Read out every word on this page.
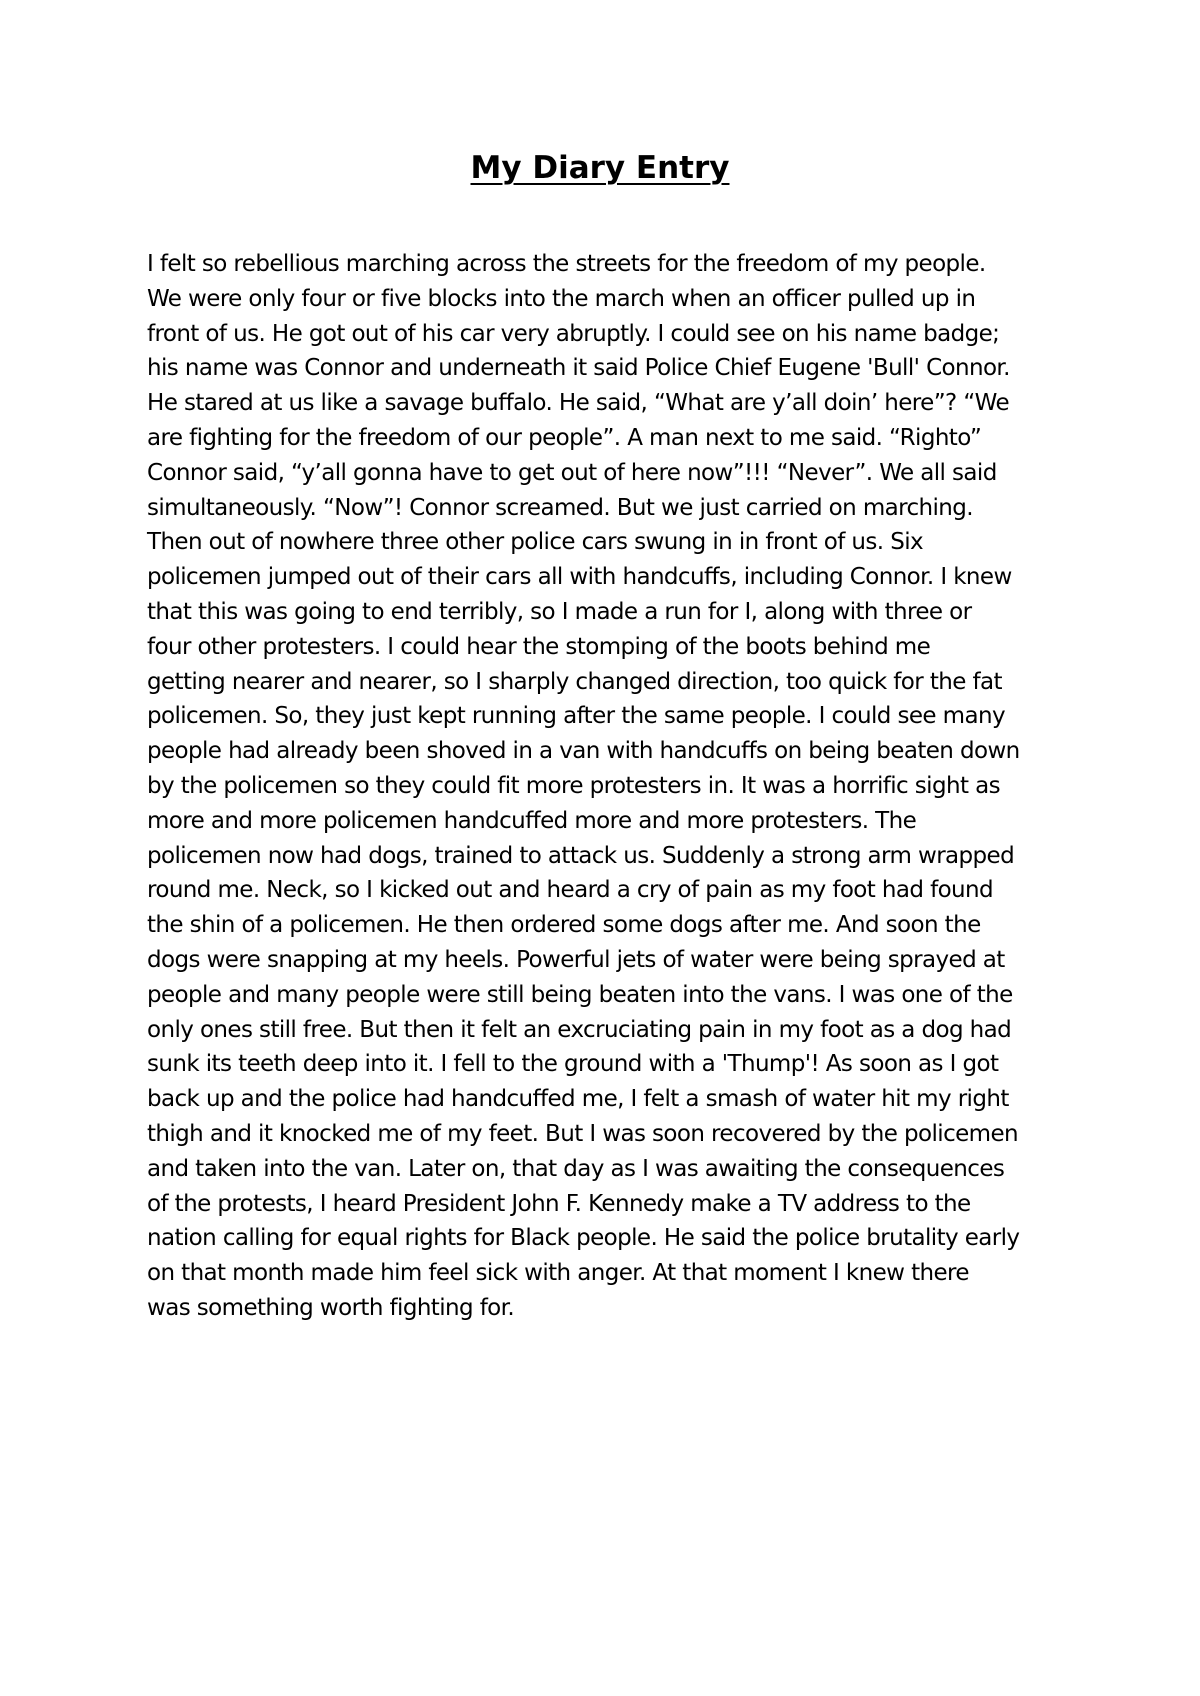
My Diary Entry
I felt so rebellious marching across the streets for the freedom of my people.
We were only four or five blocks into the march when an officer pulled up in
front of us. He got out of his car very abruptly. I could see on his name badge;
his name was Connor and underneath it said Police Chief Eugene 'Bull' Connor.
He stared at us like a savage buffalo. He said, “What are y’all doin’ here”? “We
are fighting for the freedom of our people”. A man next to me said. “Righto”
Connor said, “y’all gonna have to get out of here now”!!! “Never”. We all said
simultaneously. “Now”! Connor screamed. But we just carried on marching.
Then out of nowhere three other police cars swung in in front of us. Six
policemen jumped out of their cars all with handcuffs, including Connor. I knew
that this was going to end terribly, so I made a run for I, along with three or
four other protesters. I could hear the stomping of the boots behind me
getting nearer and nearer, so I sharply changed direction, too quick for the fat
policemen. So, they just kept running after the same people. I could see many
people had already been shoved in a van with handcuffs on being beaten down
by the policemen so they could fit more protesters in. It was a horrific sight as
more and more policemen handcuffed more and more protesters. The
policemen now had dogs, trained to attack us. Suddenly a strong arm wrapped
round me. Neck, so I kicked out and heard a cry of pain as my foot had found
the shin of a policemen. He then ordered some dogs after me. And soon the
dogs were snapping at my heels. Powerful jets of water were being sprayed at
people and many people were still being beaten into the vans. I was one of the
only ones still free. But then it felt an excruciating pain in my foot as a dog had
sunk its teeth deep into it. I fell to the ground with a 'Thump'! As soon as I got
back up and the police had handcuffed me, I felt a smash of water hit my right
thigh and it knocked me of my feet. But I was soon recovered by the policemen
and taken into the van. Later on, that day as I was awaiting the consequences
of the protests, I heard President John F. Kennedy make a TV address to the
nation calling for equal rights for Black people. He said the police brutality early
on that month made him feel sick with anger. At that moment I knew there
was something worth fighting for.
